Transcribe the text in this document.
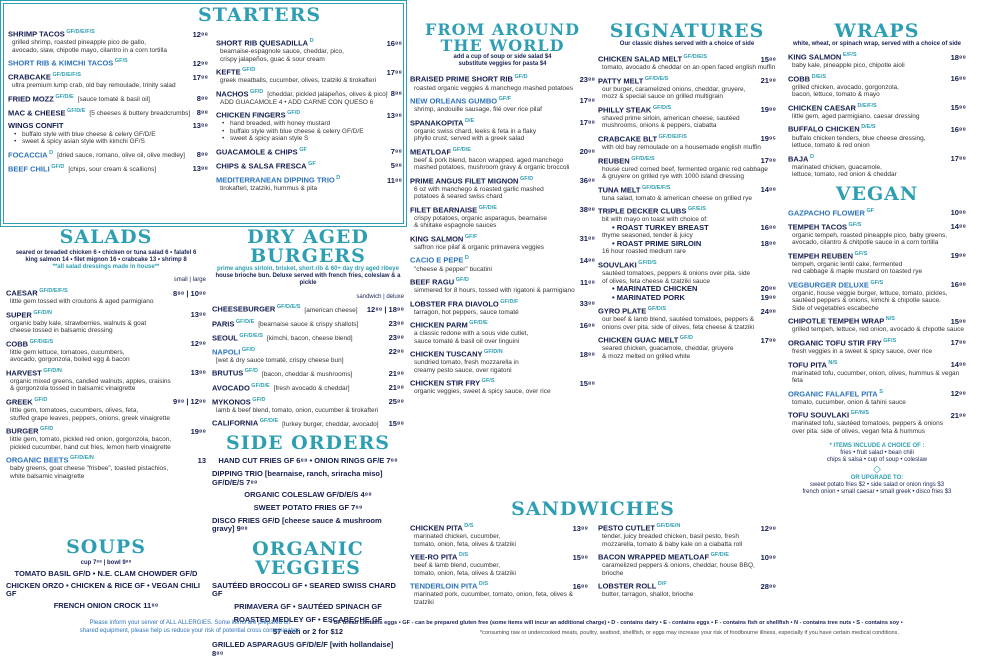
STARTERS
SHRIMP TACOS $^{GF/D/E/F/S}$	12⁸⁸
grilled shrimp, roasted pineapple pico de gallo,
avocado, slaw, chipotle mayo, cilantro in a corn tortilla
SHORT RIB & KIMCHI TACOS $^{GF/S}$	12⁸⁸
CRABCAKE $^{GF/D/E/F/S}$	17⁸⁸
ultra premium lump crab, old bay remoulade, trinity salad
FRIED MOZZ $^{GF/D/E}$ [sauce tomaté & basil oil]	8⁸⁸
MAC & CHEESE $^{GF/D/E}$ [5 cheeses & buttery breadcrumbs] 8⁸⁸
WINGS CONFIT	13⁸⁸
• buffalo style with blue cheese & celery GF/D/E
• sweet & spicy asian style with kimchi GF/S
FOCACCIA $^D$ [dried sauce, romano, olive oil, olive medley] 8⁸⁸
BEEF CHILI $^{GF/D}$ [chips, sour cream & scallions]	13⁸⁸
SHORT RIB QUESADILLA $^D$	16⁸⁸
bearnaise-espagnole sauce, cheddar, pico,
crispy jalapeños, guac & sour cream
KEFTE $^{GF/D}$	17⁸⁸
greek meatballs, cucumber, olives, tzatziki & tirokafteri
NACHOS $^{GF/D}$ [cheddar, pickled jalapeños, olives & pico] 8⁸⁸
ADD GUACAMOLE 4 • ADD CARNE CON QUESO 6
CHICKEN FINGERS $^{GF/D}$	13⁸⁸
• hand breaded, with honey mustard
• buffalo style with blue cheese & celery GF/D/E
• sweet & spicy asian style S
GUACAMOLE & CHIPS $^{GF}$	7⁸⁸
CHIPS & SALSA FRESCA $^{GF}$	5⁸⁸
MEDITERRANEAN DIPPING TRIO $^D$	11⁸⁸
tirokafteri, tzatziki, hummus & pita
SALADS
seared or breaded chicken 6 • chicken or tuna salad 6 • falafel 6
king salmon 14 • filet mignon 16 • crabcake 13 • shrimp 8
**all salad dressings made in house**
small | large
CAESAR $^{GF/D/E/F/S}$	8⁸⁸ | 10⁸⁸
little gem tossed with croutons & aged parmigiano
SUPER $^{GF/D/N}$	13⁸⁸
organic baby kale, strawberries, walnuts & goat
cheese tossed in balsamic dressing
COBB $^{GF/D/E/S}$	12⁸⁸
little gem lettuce, tomatoes, cucumbers,
avocado, gorgonzola, boiled egg & bacon
HARVEST $^{GF/D/N}$	13⁸⁸
organic mixed greens, candied walnuts, apples, craisins
& gorgonzola tossed in balsamic vinaigrette
GREEK $^{GF/D}$	9⁸⁸ | 12⁸⁸
little gem, tomatoes, cucumbers, olives, feta,
stuffed grape leaves, peppers, onions, greek vinaigrette
BURGER $^{GF/D}$	19⁸⁸
little gem, tomato, pickled red onion, gorgonzola, bacon,
pickled cucumber, hand cut fries, lemon herb vinaigrette
ORGANIC BEETS $^{GF/D/E/N}$	13
baby greens, goat cheese "frisbee", toasted pistachios,
white balsamic vinaigrette
SOUPS
cup 7⁸⁸ | bowl 9⁸⁸
TOMATO BASIL GF/D • N.E. CLAM CHOWDER GF/D
CHICKEN ORZO • CHICKEN & RICE GF • VEGAN CHILI GF
FRENCH ONION CROCK 11⁸⁸
DRY AGED BURGERS
prime angus sirloin, brisket, short rib & 60+ day dry aged ribeye
house brioche bun. Deluxe served with french fries, coleslaw & a pickle
sandwich | deluxe
CHEESEBURGER $^{GF/D/E/S}$ [american cheese] 12⁸⁸ | 18⁸⁸
PARIS $^{GF/D/E}$ [bearnaise sauce & crispy shallots]	23⁸⁸
SEOUL $^{GF/D/E/S}$ [kimchi, bacon, cheese blend]	23⁸⁸
NAPOLI $^{GF/D}$	22⁸⁸
[wet & dry sauce tomaté, crispy cheese bun]
BRUTUS $^{GF/D}$ [bacon, cheddar & mushrooms]	21⁸⁸
AVOCADO $^{GF/D/E}$ [fresh avocado & cheddar]	21⁸⁸
MYKONOS $^{GF/D}$	25⁸⁸
lamb & beef blend, tomato, onion, cucumber & tirokafteri
CALIFORNIA $^{GF/D/E}$ [turkey burger, cheddar, avocado] 15⁸⁸
SIDE ORDERS
HAND CUT FRIES GF 6⁸⁸ • ONION RINGS GF/E 7⁸⁸
DIPPING TRIO [bearnaise, ranch, sriracha miso] GF/D/E/S 7⁸⁸
ORGANIC COLESLAW GF/D/E/S 4⁸⁸
SWEET POTATO FRIES GF 7⁸⁸
DISCO FRIES GF/D [cheese sauce & mushroom gravy] 9⁸⁸
ORGANIC VEGGIES
SAUTÉED BROCCOLI GF • SEARED SWISS CHARD GF
PRIMAVERA GF • SAUTÉED SPINACH GF
ROASTED MEDLEY GF • ESCABECHE GF
$7 each or 2 for $12
GRILLED ASPARAGUS GF/D/E/F [with hollandaise] 8⁸⁸
FROM AROUND THE WORLD
add a cup of soup or side salad $4
substitute veggies for pasta $4
BRAISED PRIME SHORT RIB $^{GF/D}$	23⁸⁸
roasted organic veggies & manchego mashed potatoes
NEW ORLEANS GUMBO $^{GF/F}$	17⁸⁸
shrimp, andouille sausage, filé over rice pilaf
SPANAKOPITA $^{D/E}$	17⁸⁸
organic swiss chard, leeks & feta in a flaky
phyllo crust, served with a greek salad
MEATLOAF $^{GF/D/E}$	20⁸⁸
beef & pork blend, bacon wrapped. aged manchego
mashed potatoes, mushroom gravy & organic broccoli
PRIME ANGUS FILET MIGNON $^{GF/D}$	36⁸⁸
6 oz with manchego & roasted garlic mashed
potatoes & seared swiss chard
FILET BEARNAISE $^{GF/D/E}$	38⁸⁸
crispy potatoes, organic asparagus, bearnaise
& shiitake espagnole sauces
KING SALMON $^{GF/F}$	31⁸⁸
saffron rice pilaf & organic primavera veggies
CACIO E PEPE $^D$	14⁸⁸
"cheese & pepper" bucatini
BEEF RAGU $^{GF/D}$	11⁸⁸
simmered for 8 hours, tossed with rigatoni & parmigiano
LOBSTER FRA DIAVOLO $^{GF/D/F}$	33⁸⁸
tarragon, hot peppers, sauce tomaté
CHICKEN PARM $^{GF/D/E}$	16⁸⁸
a classic redone with a sous vide cutlet,
sauce tomaté & basil oil over linguini
CHICKEN TUSCANY $^{GF/D/N}$	18⁸⁸
sundried tomato, fresh mozzarella in
creamy pesto sauce, over rigatoni
CHICKEN STIR FRY $^{GF/S}$	15⁸⁸
organic veggies, sweet & spicy sauce, over rice
SIGNATURES
Our classic dishes served with a choice of side
CHICKEN SALAD MELT $^{GF/D/E/S}$	15⁸⁸
tomato, avocado & cheddar on an open faced english muffin
PATTY MELT $^{GF/D/E/S}$	21⁸⁸
our burger, caramelized onions, cheddar, gruyere,
mozz & special sauce on grilled multigrain
PHILLY STEAK $^{GF/D/S}$	19⁸⁸
shaved prime sirloin, american cheese, sautéed
mushrooms, onions & peppers, ciabatta
CRABCAKE BLT $^{GF/D/E/F/S}$	19⁹⁵
with old bay remoulade on a housemade english muffin
REUBEN $^{GF/D/E/S}$	17⁸⁸
house cured corned beef, fermented organic red cabbage
& gruyere on grilled rye with 1000 island dressing
TUNA MELT $^{GF/D/E/F/S}$	14⁸⁸
tuna salad, tomato & american cheese on grilled rye
TRIPLE DECKER CLUBS $^{GF/E/S}$
bit with mayo on toast with choice of:
• ROAST TURKEY BREAST	16⁸⁸
thyme seasoned, tender & juicy
• ROAST PRIME SIRLOIN	18⁸⁸
16 hour roasted medium rare
SOUVLAKI $^{GF/D/S}$
sautéed tomatoes, peppers & onions over pita. side
of olives, feta cheese & tzatziki sauce
• MARINATED CHICKEN	20⁸⁸
• MARINATED PORK	19⁸⁸
GYRO PLATE $^{GF/D/S}$	24⁸⁸
our beef & lamb blend, sautéed tomatoes, peppers &
onions over pita. side of olives, feta cheese & tzatziki
CHICKEN GUAC MELT $^{GF/D}$	17⁸⁸
seared chicken, guacamole, cheddar, gruyere
& mozz melted on grilled white
SANDWICHES
CHICKEN PITA $^{D/S}$	13⁸⁸
marinated chicken, cucumber,
tomato, onion, feta, olives & tzatziki
YEE-RO PITA $^{D/S}$	15⁸⁸
beef & lamb blend, cucumber,
tomato, onion, feta, olives & tzatziki
TENDERLOIN PITA $^{D/S}$	16⁸⁸
marinated pork, cucumber, tomato, onion, feta, olives & tzatziki
PESTO CUTLET $^{GF/D/E/N}$	12⁸⁸
tender, juicy breaded chicken, basil pesto, fresh
mozzarella, tomato & baby kale on a ciabatta roll
BACON WRAPPED MEATLOAF $^{GF/D/E}$	10⁸⁸
caramelized peppers & onions, cheddar, house BBQ, brioche
LOBSTER ROLL $^{D/F}$	28⁸⁸
butter, tarragon, shallot, brioche
WRAPS
white, wheat, or spinach wrap, served with a choice of side
KING SALMON $^{E/F/S}$	18⁸⁸
baby kale, pineapple pico, chipotle aioli
COBB $^{D/E/S}$	16⁸⁸
grilled chicken, avocado, gorgonzola,
bacon, lettuce, tomato & mayo
CHICKEN CAESAR $^{D/E/F/S}$	15⁸⁸
little gem, aged parmigiano, caesar dressing
BUFFALO CHICKEN $^{D/E/S}$	16⁸⁸
buffalo chicken tenders, blue cheese dressing,
lettuce, tomato & red onion
BAJA $^D$	17⁸⁸
marinated chicken, guacamole,
lettuce, tomato, red onion & cheddar
VEGAN
GAZPACHO FLOWER $^{GF}$	10⁸⁸
TEMPEH TACOS $^{GF/S}$	14⁸⁸
organic tempeh, roasted pineapple pico, baby greens,
avocado, cilantro & chitpotle sauce in a corn tortilla
TEMPEH REUBEN $^{GF/S}$	19⁸⁸
tempeh, organic lentil cake, fermented
red cabbage & maple mustard on toasted rye
VEGBURGER DELUXE $^{GF/S}$	16⁸⁸
organic, house veggie burger, lettuce, tomato, pickles,
sautéed peppers & onions, kimchi & chipotle sauce.
Side of vegetables escabeche
CHIPOTLE TEMPEH WRAP $^{N/S}$	15⁸⁸
grilled tempeh, lettuce, red onion, avocado & chipotle sauce
ORGANIC TOFU STIR FRY $^{GF/S}$	17⁸⁸
fresh veggies in a sweet & spicy sauce, over rice
TOFU PITA $^{N/S}$	14⁸⁸
marinated tofu, cucumber, onion, olives, hummus & vegan feta
ORGANIC FALAFEL PITA $^S$	12⁸⁸
tomato, cucumber, onion & tahini sauce
TOFU SOUVLAKI $^{GF/N/S}$	21⁸⁸
marinated tofu, sautéed tomatoes, peppers & onions
over pita. side of olives, vegan feta & hummus
* ITEMS INCLUDE A CHOICE OF :
fries • fruit salad • bean chili
chips & salsa • cup of soup • coleslaw
◇
OR UPGRADE TO:
sweet potato fries $2 • side salad or onion rings $3
french onion • small caesar • small greek • disco fries $3
Please inform your server of ALL ALLERGIES. Some items are prepared on
shared equipment, please help us reduce your risk of potential cross contamination
• GF bread contains eggs • GF - can be prepared gluten free (some items will incur an additional charge) • D - contains dairy • E - contains eggs • F - contains fish or shellfish • N - contains tree nuts • S - contains soy •
*consuming raw or undercooked meats, poultry, seafood, shellfish, or eggs may increase your risk of foodbourne illness, especially if you have certain medical conditions.
